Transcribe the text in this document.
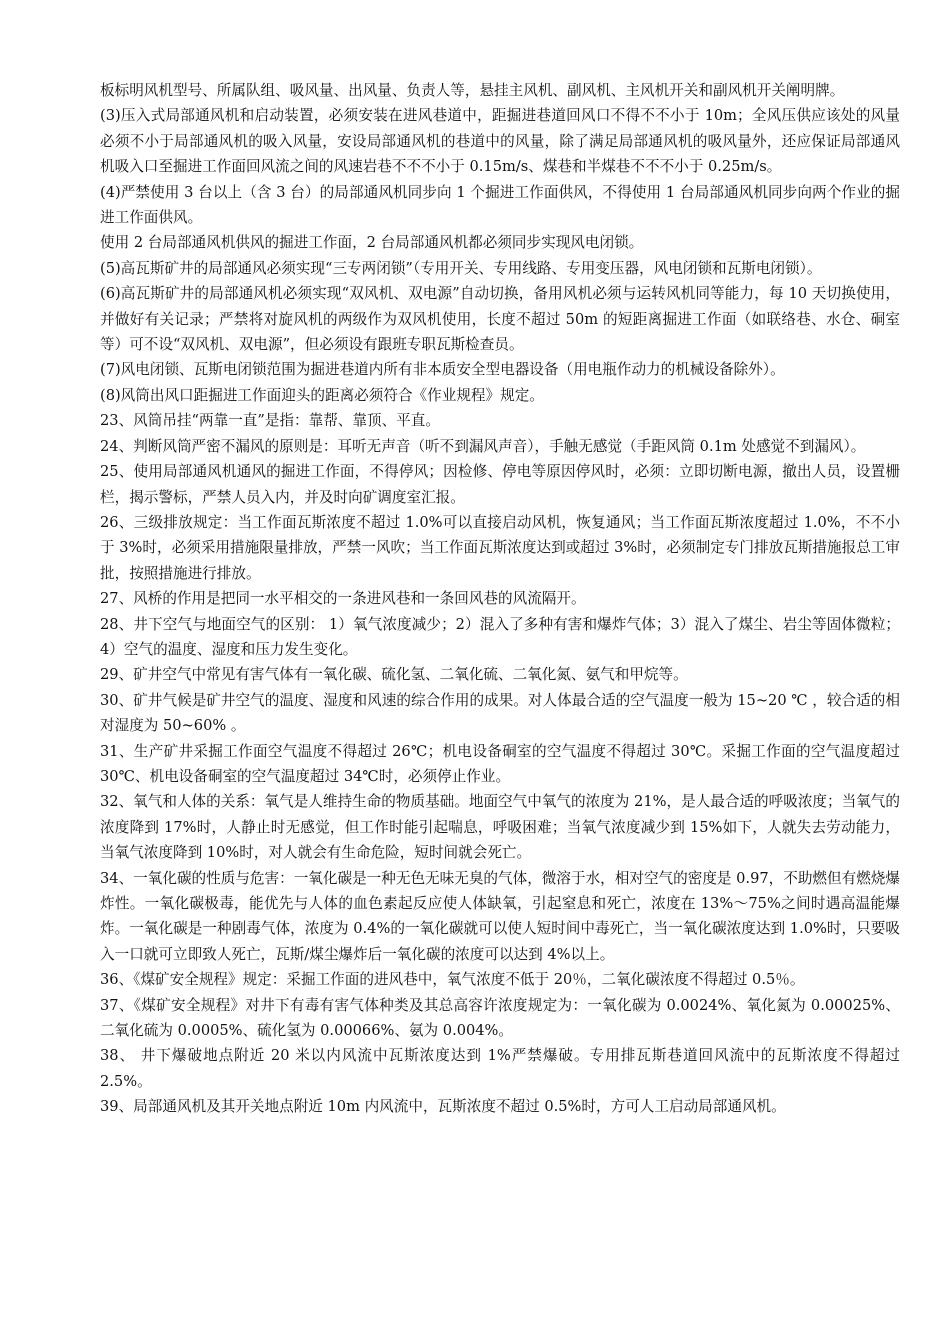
板标明风机型号、所属队组、吸风量、出风量、负责人等，悬挂主风机、副风机、主风机开关和副风机开关阐明牌。

(3)压入式局部通风机和启动装置，必须安装在进风巷道中，距掘进巷道回风口不得不不小于 10m；全风压供应该处的风量必须不小于局部通风机的吸入风量，安设局部通风机的巷道中的风量，除了满足局部通风机的吸风量外，还应保证局部通风机吸入口至掘进工作面回风流之间的风速岩巷不不不小于 0.15m/s、煤巷和半煤巷不不不小于 0.25m/s。

(4)严禁使用 3 台以上（含 3 台）的局部通风机同步向 1 个掘进工作面供风，不得使用 1 台局部通风机同步向两个作业的掘进工作面供风。

使用 2 台局部通风机供风的掘进工作面，2 台局部通风机都必须同步实现风电闭锁。

(5)高瓦斯矿井的局部通风必须实现“三专两闭锁”（专用开关、专用线路、专用变压器，风电闭锁和瓦斯电闭锁）。

(6)高瓦斯矿井的局部通风机必须实现“双风机、双电源”自动切换，备用风机必须与运转风机同等能力，每 10 天切换使用，并做好有关记录；严禁将对旋风机的两级作为双风机使用，长度不超过 50m 的短距离掘进工作面（如联络巷、水仓、硐室等）可不设“双风机、双电源”，但必须设有跟班专职瓦斯检查员。

(7)风电闭锁、瓦斯电闭锁范围为掘进巷道内所有非本质安全型电器设备（用电瓶作动力的机械设备除外）。

(8)风筒出风口距掘进工作面迎头的距离必须符合《作业规程》规定。

23、风筒吊挂“两靠一直”是指：靠帮、靠顶、平直。

24、判断风筒严密不漏风的原则是：耳听无声音（听不到漏风声音），手触无感觉（手距风筒 0.1m 处感觉不到漏风）。

25、使用局部通风机通风的掘进工作面，不得停风；因检修、停电等原因停风时，必须：立即切断电源，撤出人员，设置栅栏，揭示警标，严禁人员入内，并及时向矿调度室汇报。

26、三级排放规定：当工作面瓦斯浓度不超过 1.0%可以直接启动风机，恢复通风；当工作面瓦斯浓度超过 1.0%，不不小于 3%时，必须采用措施限量排放，严禁一风吹；当工作面瓦斯浓度达到或超过 3%时，必须制定专门排放瓦斯措施报总工审批，按照措施进行排放。

27、风桥的作用是把同一水平相交的一条进风巷和一条回风巷的风流隔开。

28、井下空气与地面空气的区别： 1）氧气浓度减少；2）混入了多种有害和爆炸气体；3）混入了煤尘、岩尘等固体微粒；4）空气的温度、湿度和压力发生变化。

29、矿井空气中常见有害气体有一氧化碳、硫化氢、二氧化硫、二氧化氮、氨气和甲烷等。

30、矿井气候是矿井空气的温度、湿度和风速的综合作用的成果。对人体最合适的空气温度一般为 15~20 ℃ ，较合适的相对湿度为 50~60% 。

31、生产矿井采掘工作面空气温度不得超过 26℃；机电设备硐室的空气温度不得超过 30℃。采掘工作面的空气温度超过 30℃、机电设备硐室的空气温度超过 34℃时，必须停止作业。

32、氧气和人体的关系：氧气是人维持生命的物质基础。地面空气中氧气的浓度为 21%，是人最合适的呼吸浓度；当氧气的浓度降到 17%时，人静止时无感觉，但工作时能引起喘息，呼吸困难；当氧气浓度减少到 15%如下，人就失去劳动能力，当氧气浓度降到 10%时，对人就会有生命危险，短时间就会死亡。

34、一氧化碳的性质与危害：一氧化碳是一种无色无味无臭的气体，微溶于水，相对空气的密度是 0.97，不助燃但有燃烧爆炸性。一氧化碳极毒，能优先与人体的血色素起反应使人体缺氧，引起窒息和死亡，浓度在 13%～75%之间时遇高温能爆炸。一氧化碳是一种剧毒气体，浓度为 0.4%的一氧化碳就可以使人短时间中毒死亡，当一氧化碳浓度达到 1.0%时，只要吸入一口就可立即致人死亡，瓦斯/煤尘爆炸后一氧化碳的浓度可以达到 4%以上。

36、《煤矿安全规程》规定：采掘工作面的进风巷中，氧气浓度不低于 20％，二氧化碳浓度不得超过 0.5％。

37、《煤矿安全规程》对井下有毒有害气体种类及其总高容许浓度规定为：一氧化碳为 0.0024%、氧化氮为 0.00025%、二氧化硫为 0.0005%、硫化氢为 0.00066%、氨为 0.004%。

38、 井下爆破地点附近 20 米以内风流中瓦斯浓度达到 1%严禁爆破。专用排瓦斯巷道回风流中的瓦斯浓度不得超过 2.5%。

39、局部通风机及其开关地点附近 10m 内风流中，瓦斯浓度不超过 0.5%时，方可人工启动局部通风机。
